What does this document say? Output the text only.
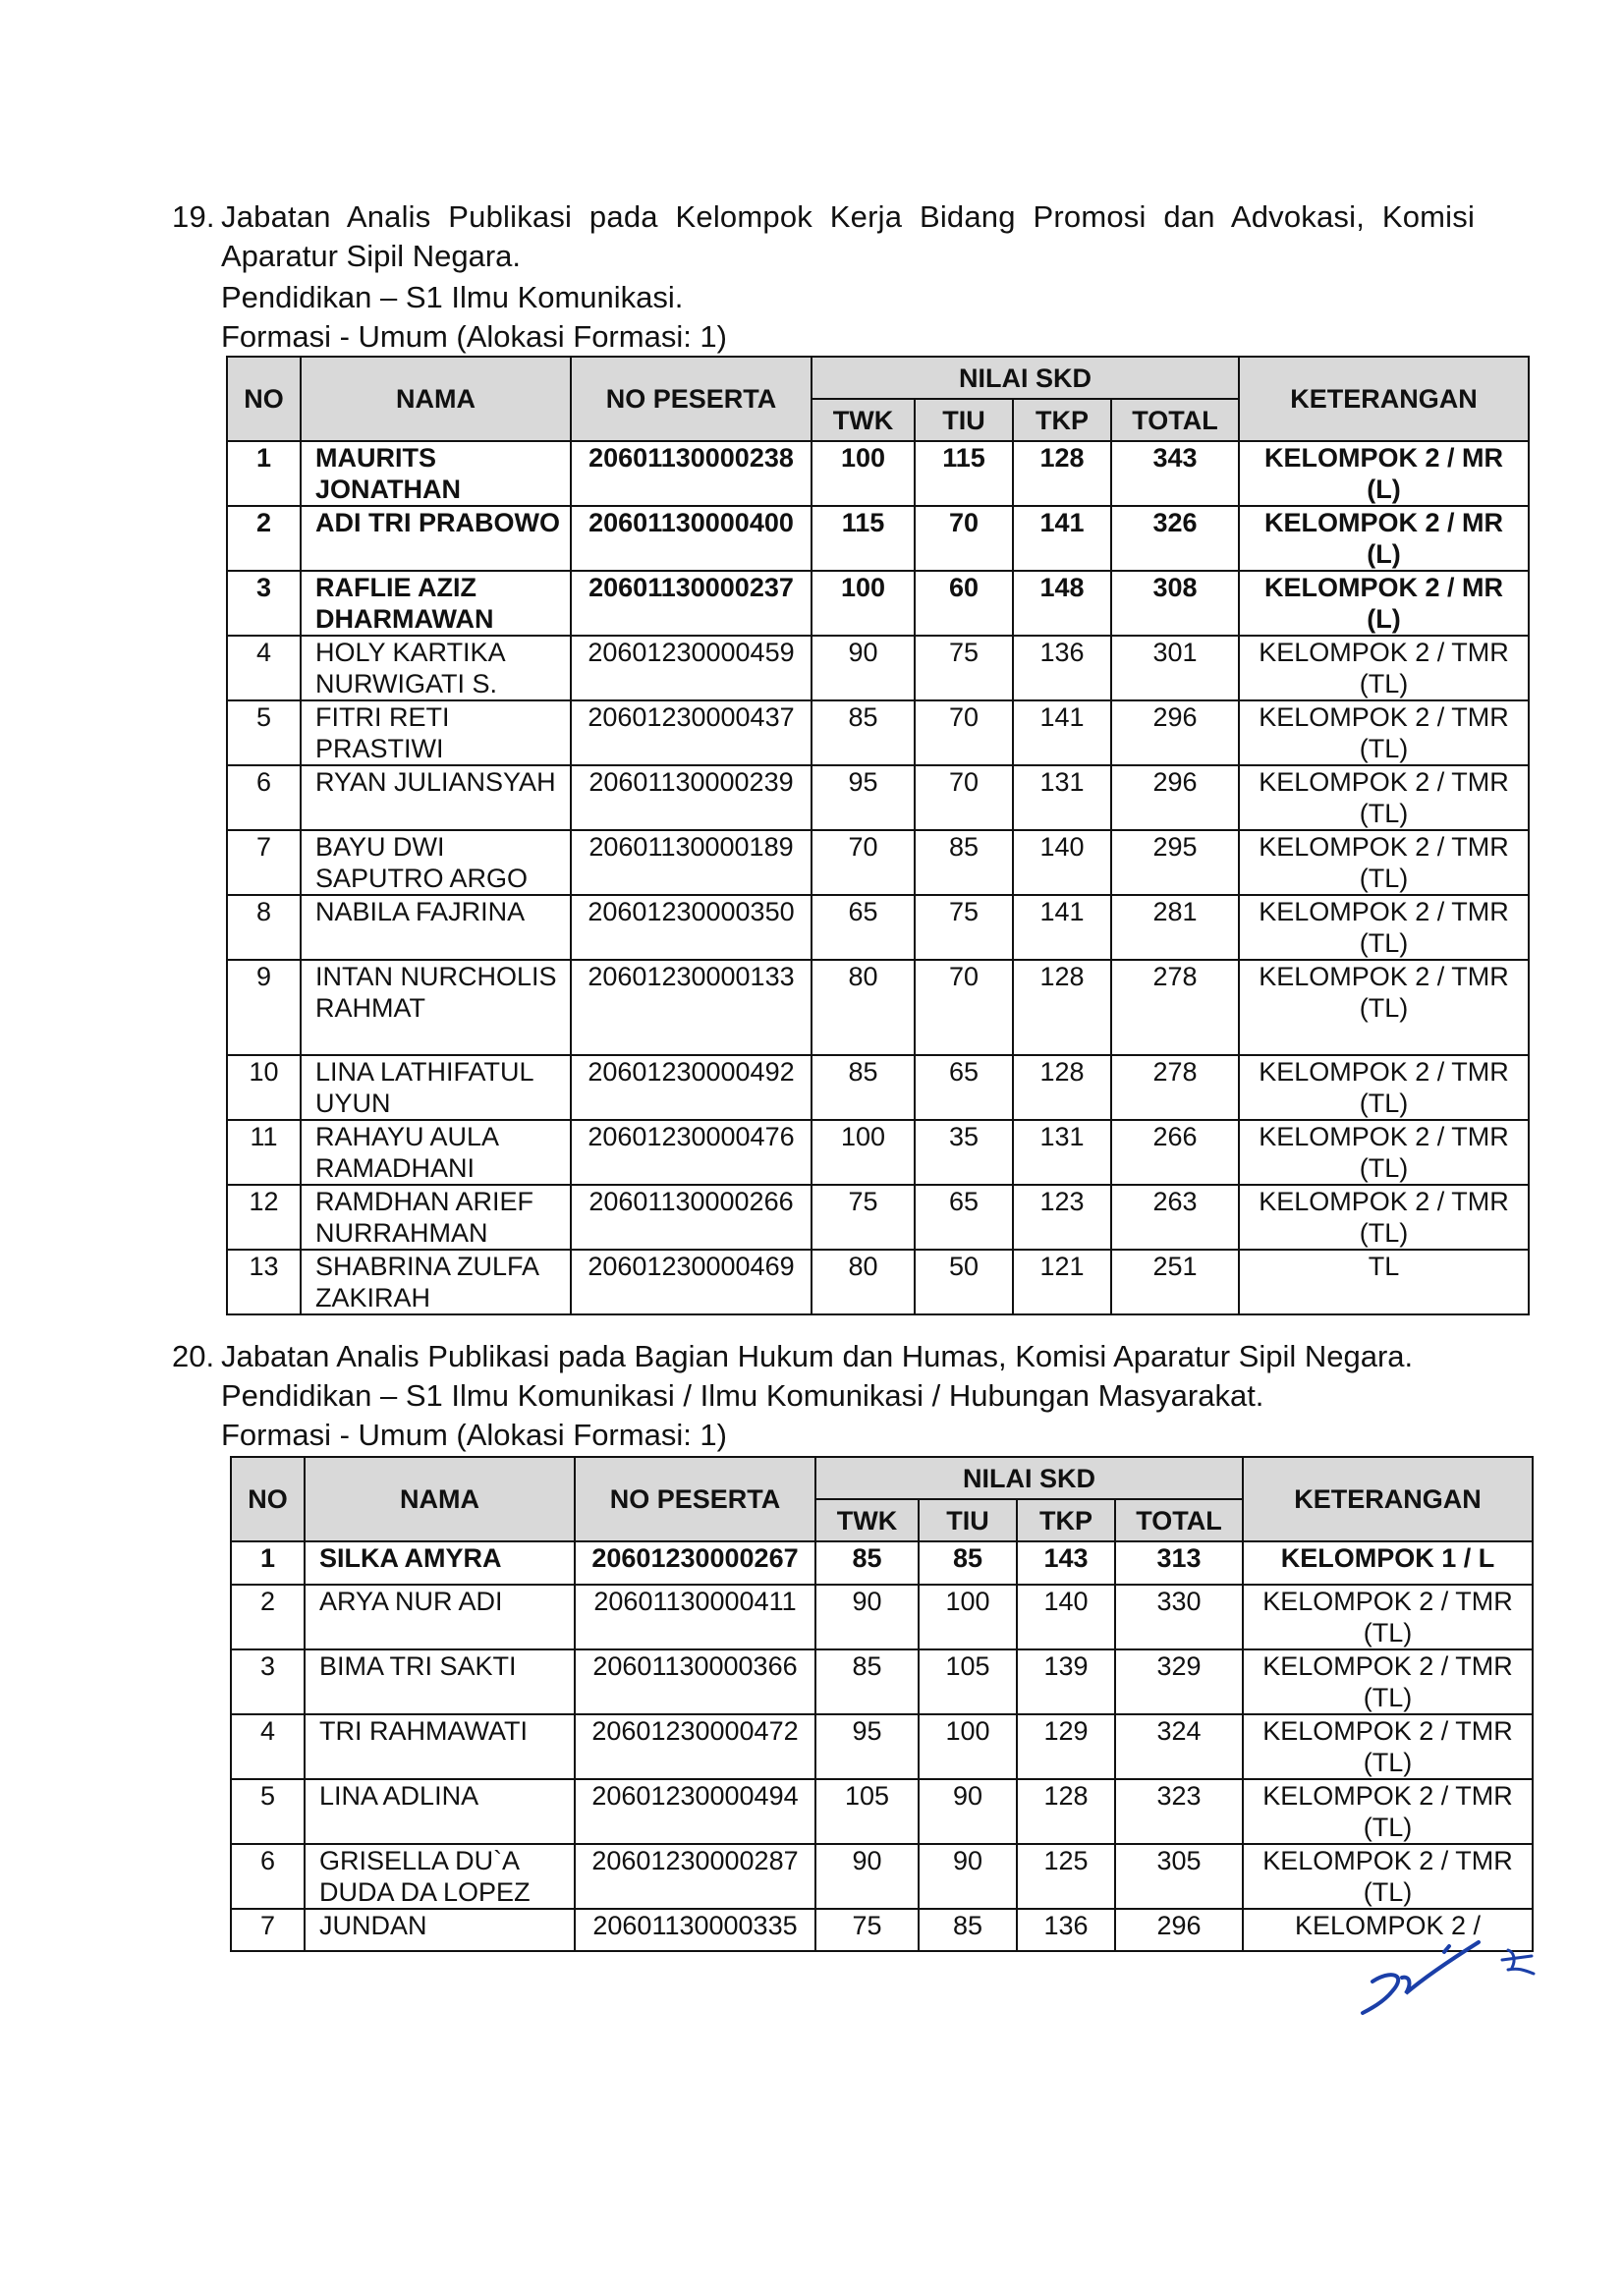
19. Jabatan Analis Publikasi pada Kelompok Kerja Bidang Promosi dan Advokasi, Komisi
Aparatur Sipil Negara.
Pendidikan – S1 Ilmu Komunikasi.
Formasi - Umum (Alokasi Formasi: 1)
NO	NAMA	NO PESERTA	NILAI SKD				KETERANGAN
			TWK	TIU	TKP	TOTAL	
1	MAURITS JONATHAN	20601130000238	100	115	128	343	KELOMPOK 2 / MR (L)
2	ADI TRI PRABOWO	20601130000400	115	70	141	326	KELOMPOK 2 / MR (L)
3	RAFLIE AZIZ DHARMAWAN	20601130000237	100	60	148	308	KELOMPOK 2 / MR (L)
4	HOLY KARTIKA NURWIGATI S.	20601230000459	90	75	136	301	KELOMPOK 2 / TMR (TL)
5	FITRI RETI PRASTIWI	20601230000437	85	70	141	296	KELOMPOK 2 / TMR (TL)
6	RYAN JULIANSYAH	20601130000239	95	70	131	296	KELOMPOK 2 / TMR (TL)
7	BAYU DWI SAPUTRO ARGO	20601130000189	70	85	140	295	KELOMPOK 2 / TMR (TL)
8	NABILA FAJRINA	20601230000350	65	75	141	281	KELOMPOK 2 / TMR (TL)
9	INTAN NURCHOLIS RAHMAT	20601230000133	80	70	128	278	KELOMPOK 2 / TMR (TL)
10	LINA LATHIFATUL UYUN	20601230000492	85	65	128	278	KELOMPOK 2 / TMR (TL)
11	RAHAYU AULA RAMADHANI	20601230000476	100	35	131	266	KELOMPOK 2 / TMR (TL)
12	RAMDHAN ARIEF NURRAHMAN	20601130000266	75	65	123	263	KELOMPOK 2 / TMR (TL)
13	SHABRINA ZULFA ZAKIRAH	20601230000469	80	50	121	251	TL
20. Jabatan Analis Publikasi pada Bagian Hukum dan Humas, Komisi Aparatur Sipil Negara.
Pendidikan – S1 Ilmu Komunikasi / Ilmu Komunikasi / Hubungan Masyarakat.
Formasi - Umum (Alokasi Formasi: 1)
NO	NAMA	NO PESERTA	NILAI SKD				KETERANGAN
			TWK	TIU	TKP	TOTAL	
1	SILKA AMYRA	20601230000267	85	85	143	313	KELOMPOK 1 / L
2	ARYA NUR ADI	20601130000411	90	100	140	330	KELOMPOK 2 / TMR (TL)
3	BIMA TRI SAKTI	20601130000366	85	105	139	329	KELOMPOK 2 / TMR (TL)
4	TRI RAHMAWATI	20601230000472	95	100	129	324	KELOMPOK 2 / TMR (TL)
5	LINA ADLINA	20601230000494	105	90	128	323	KELOMPOK 2 / TMR (TL)
6	GRISELLA DU`A DUDA DA LOPEZ	20601230000287	90	90	125	305	KELOMPOK 2 / TMR (TL)
7	JUNDAN	20601130000335	75	85	136	296	KELOMPOK 2 /
